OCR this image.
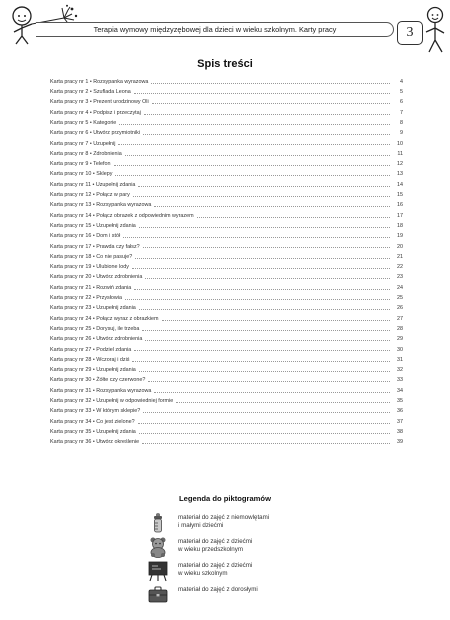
Terapia wymowy międzyzębowej dla dzieci w wieku szkolnym. Karty pracy	3
Spis treści
Karta pracy nr 1 • Rozsypanka wyrazowa	4
Karta pracy nr 2 • Szuflada Leona	5
Karta pracy nr 3 • Prezent urodzinowy Oli	6
Karta pracy nr 4 • Podpisz i przeczytaj	7
Karta pracy nr 5 • Kategorie	8
Karta pracy nr 6 • Utwórz przymiotniki	9
Karta pracy nr 7 • Uzupełnij	10
Karta pracy nr 8 • Zdrobnienia	11
Karta pracy nr 9 • Telefon	12
Karta pracy nr 10 • Sklepy	13
Karta pracy nr 11 • Uzupełnij zdania	14
Karta pracy nr 12 • Połącz w pary	15
Karta pracy nr 13 • Rozsypanka wyrazowa	16
Karta pracy nr 14 • Połącz obrazek z odpowiednim wyrazem	17
Karta pracy nr 15 • Uzupełnij zdania	18
Karta pracy nr 16 • Dom i stół	19
Karta pracy nr 17 • Prawda czy fałsz?	20
Karta pracy nr 18 • Co nie pasuje?	21
Karta pracy nr 19 • Ulubione lody	22
Karta pracy nr 20 • Utwórz zdrobnienia	23
Karta pracy nr 21 • Rozwiń zdania	24
Karta pracy nr 22 • Przysłowia	25
Karta pracy nr 23 • Uzupełnij zdania	26
Karta pracy nr 24 • Połącz wyraz z obrazkiem	27
Karta pracy nr 25 • Dorysuj, ile trzeba	28
Karta pracy nr 26 • Utwórz zdrobnienia	29
Karta pracy nr 27 • Podziel zdania	30
Karta pracy nr 28 • Wczoraj i dziś	31
Karta pracy nr 29 • Uzupełnij zdania	32
Karta pracy nr 30 • Żółte czy czerwone?	33
Karta pracy nr 31 • Rozsypanka wyrazowa	34
Karta pracy nr 32 • Uzupełnij w odpowiedniej formie	35
Karta pracy nr 33 • W którym sklepie?	36
Karta pracy nr 34 • Co jest zielone?	37
Karta pracy nr 35 • Uzupełnij zdania	38
Karta pracy nr 36 • Utwórz określenie	39
Legenda do piktogramów
materiał do zajęć z niemowlętami
i małymi dziećmi
materiał do zajęć z dziećmi
w wieku przedszkolnym
materiał do zajęć z dziećmi
w wieku szkolnym
materiał do zajęć z dorosłymi
